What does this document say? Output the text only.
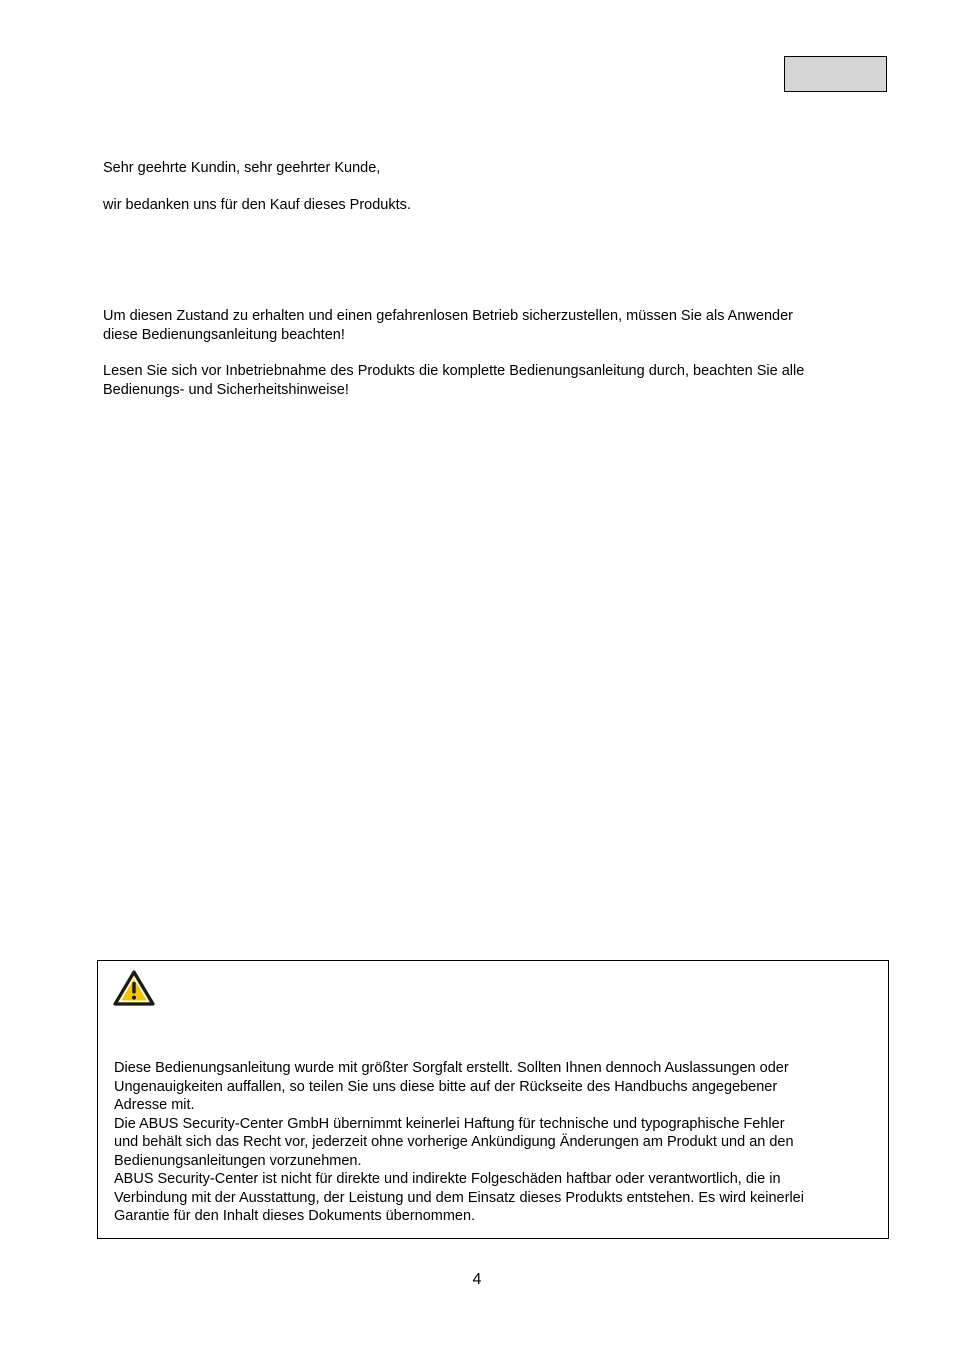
Sehr geehrte Kundin, sehr geehrter Kunde,

wir bedanken uns für den Kauf dieses Produkts.

Um diesen Zustand zu erhalten und einen gefahrenlosen Betrieb sicherzustellen, müssen Sie als Anwender
diese Bedienungsanleitung beachten!

Lesen Sie sich vor Inbetriebnahme des Produkts die komplette Bedienungsanleitung durch, beachten Sie alle
Bedienungs- und Sicherheitshinweise!

Diese Bedienungsanleitung wurde mit größter Sorgfalt erstellt. Sollten Ihnen dennoch Auslassungen oder
Ungenauigkeiten auffallen, so teilen Sie uns diese bitte auf der Rückseite des Handbuchs angegebener
Adresse mit.
Die ABUS Security-Center GmbH übernimmt keinerlei Haftung für technische und typographische Fehler
und behält sich das Recht vor, jederzeit ohne vorherige Ankündigung Änderungen am Produkt und an den
Bedienungsanleitungen vorzunehmen.
ABUS Security-Center ist nicht für direkte und indirekte Folgeschäden haftbar oder verantwortlich, die in
Verbindung mit der Ausstattung, der Leistung und dem Einsatz dieses Produkts entstehen. Es wird keinerlei
Garantie für den Inhalt dieses Dokuments übernommen.

4
